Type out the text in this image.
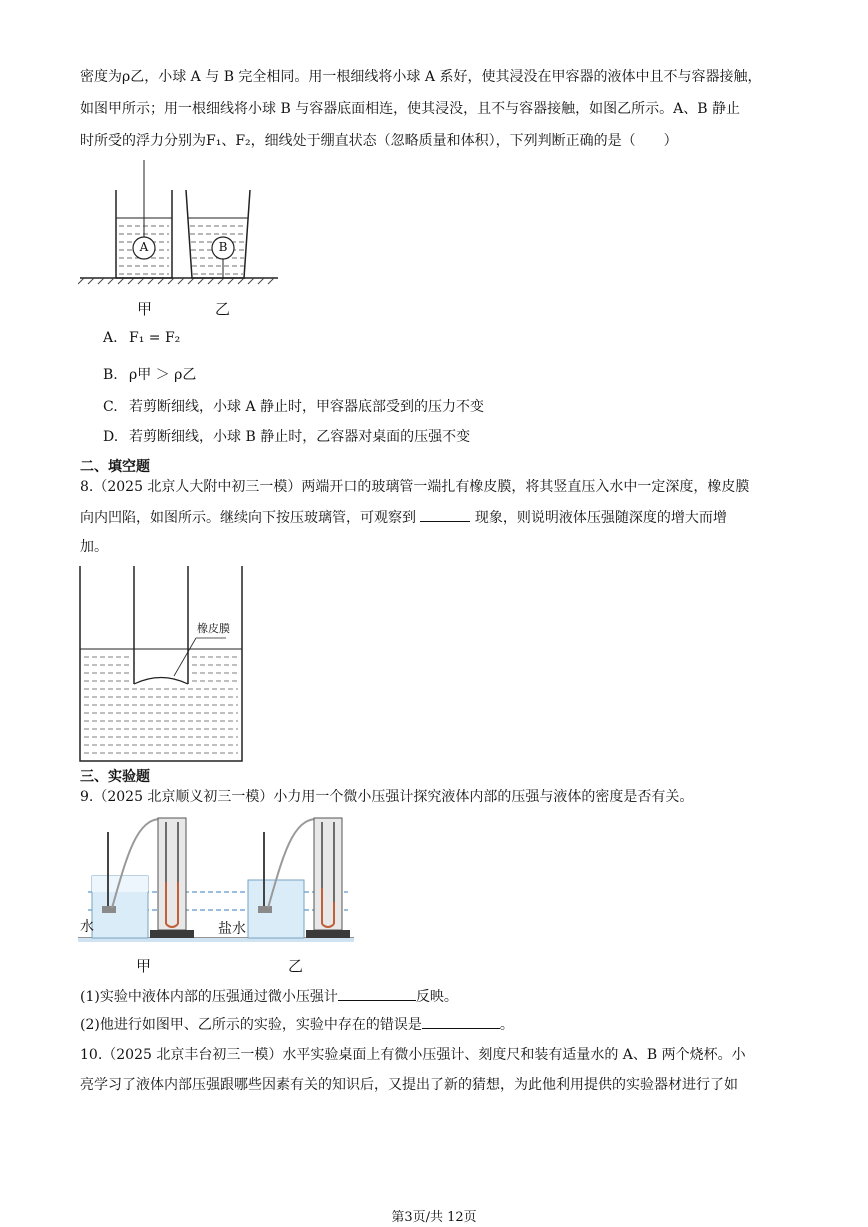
密度为ρ乙，小球 A 与 B 完全相同。用一根细线将小球 A 系好，使其浸没在甲容器的液体中且不与容器接触，
如图甲所示；用一根细线将小球 B 与容器底面相连，使其浸没，且不与容器接触，如图乙所示。A、B 静止
时所受的浮力分别为F₁、F₂，细线处于绷直状态（忽略质量和体积），下列判断正确的是（　　）
A	B
甲	乙
A. F₁ = F₂
B. ρ甲 ＞ ρ乙
C. 若剪断细线，小球 A 静止时，甲容器底部受到的压力不变
D. 若剪断细线，小球 B 静止时，乙容器对桌面的压强不变
二、填空题
8.（2025 北京人大附中初三一模）两端开口的玻璃管一端扎有橡皮膜，将其竖直压入水中一定深度，橡皮膜
向内凹陷，如图所示。继续向下按压玻璃管，可观察到	现象，则说明液体压强随深度的增大而增
加。
橡皮膜
三、实验题
9.（2025 北京顺义初三一模）小力用一个微小压强计探究液体内部的压强与液体的密度是否有关。
水	盐水
甲	乙
(1)实验中液体内部的压强通过微小压强计	反映。
(2)他进行如图甲、乙所示的实验，实验中存在的错误是	。
10.（2025 北京丰台初三一模）水平实验桌面上有微小压强计、刻度尺和装有适量水的 A、B 两个烧杯。小
亮学习了液体内部压强跟哪些因素有关的知识后，又提出了新的猜想，为此他利用提供的实验器材进行了如
第3页/共 12页
